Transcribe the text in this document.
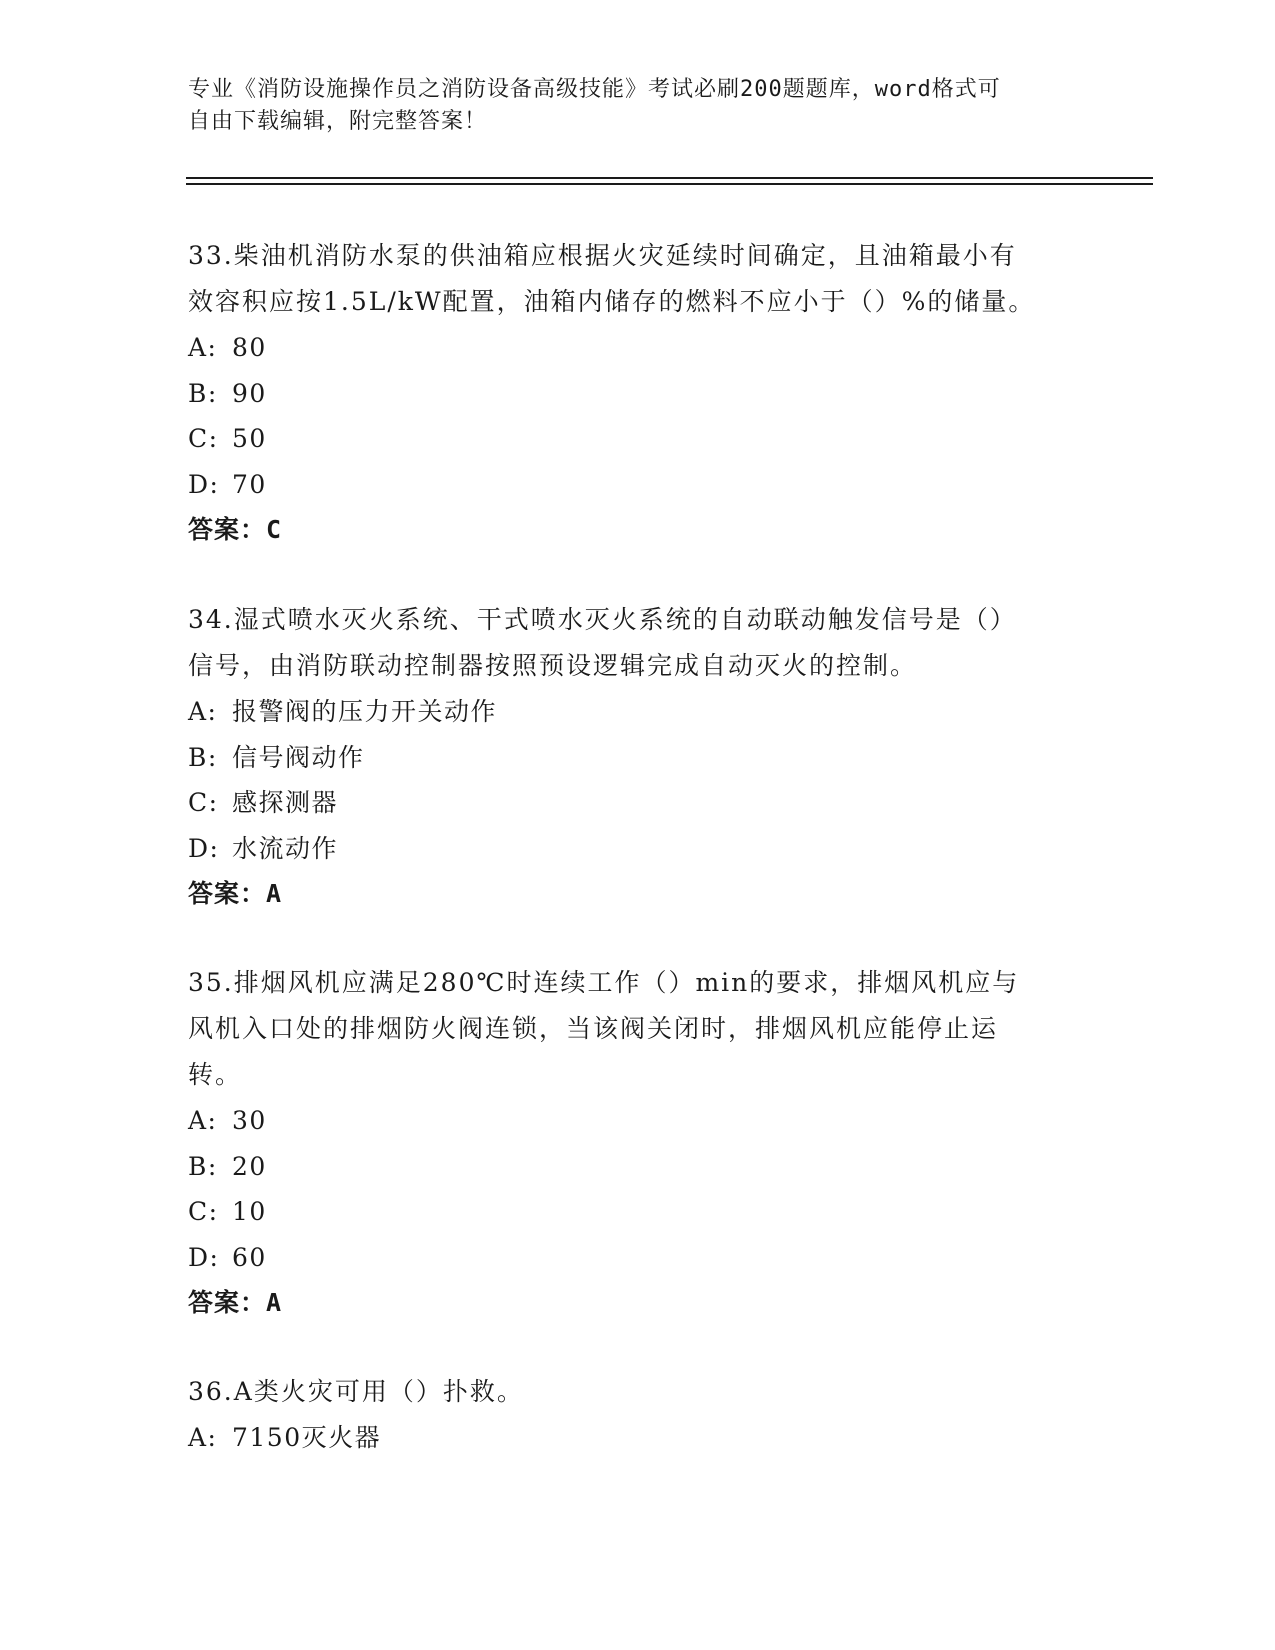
专业《消防设施操作员之消防设备高级技能》考试必刷200题题库，word格式可
自由下载编辑，附完整答案！
33.柴油机消防水泵的供油箱应根据火灾延续时间确定，且油箱最小有
效容积应按1.5L/kW配置，油箱内储存的燃料不应小于（）%的储量。
A: 80
B: 90
C: 50
D: 70
答案：C
34.湿式喷水灭火系统、干式喷水灭火系统的自动联动触发信号是（）
信号，由消防联动控制器按照预设逻辑完成自动灭火的控制。
A: 报警阀的压力开关动作
B: 信号阀动作
C: 感探测器
D: 水流动作
答案：A
35.排烟风机应满足280℃时连续工作（）min的要求，排烟风机应与
风机入口处的排烟防火阀连锁，当该阀关闭时，排烟风机应能停止运
转。
A: 30
B: 20
C: 10
D: 60
答案：A
36.A类火灾可用（）扑救。
A: 7150灭火器
